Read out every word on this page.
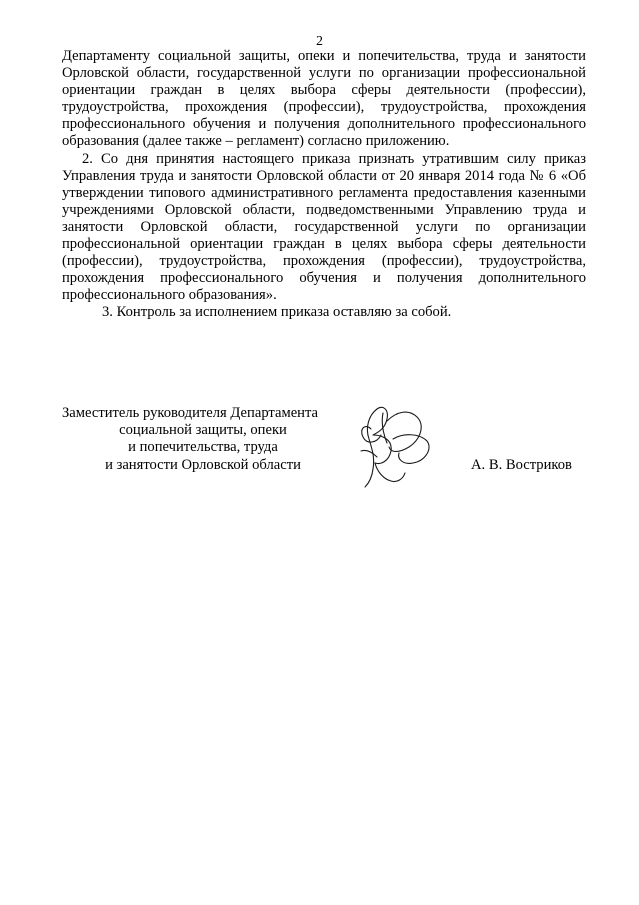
2

Департаменту социальной защиты, опеки и попечительства, труда и занятости Орловской области, государственной услуги по организации профессиональной ориентации граждан в целях выбора сферы деятельности (профессии), трудоустройства, прохождения (профессии), трудоустройства, прохождения профессионального обучения и получения дополнительного профессионального образования (далее также – регламент) согласно приложению.

2. Со дня принятия настоящего приказа признать утратившим силу приказ Управления труда и занятости Орловской области от 20 января 2014 года № 6 «Об утверждении типового административного регламента предоставления казенными учреждениями Орловской области, подведомственными Управлению труда и занятости Орловской области, государственной услуги по организации профессиональной ориентации граждан в целях выбора сферы деятельности (профессии), трудоустройства, прохождения (профессии), трудоустройства, прохождения профессионального обучения и получения дополнительного профессионального образования».

3. Контроль за исполнением приказа оставляю за собой.

Заместитель руководителя Департамента
социальной защиты, опеки
и попечительства, труда
и занятости Орловской области	А. В. Востриков
